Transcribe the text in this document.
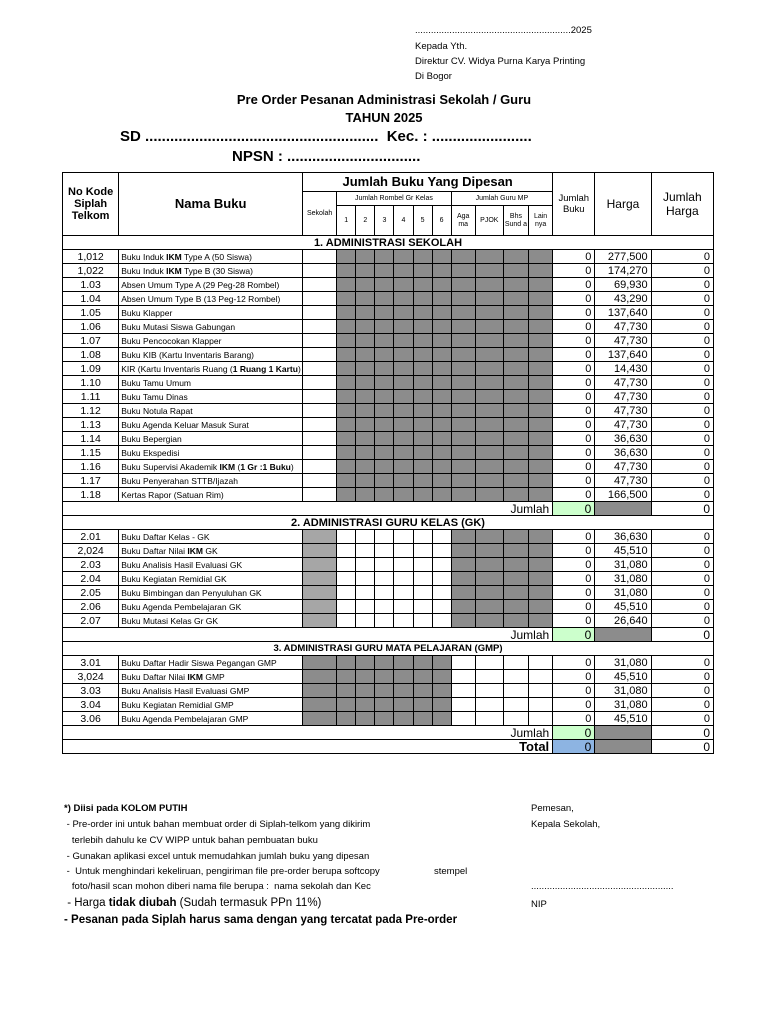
...........................................................2025
Kepada Yth.
Direktur CV. Widya Purna Karya Printing
Di Bogor
Pre Order Pesanan Administrasi Sekolah / Guru
TAHUN 2025
SD ........................................................  Kec. : ........................
NPSN : ................................
No Kode Siplah Telkom	Nama Buku	Jumlah Buku Yang Dipesan											Jumlah Buku	Harga	Jumlah Harga
		Sekolah	Jumlah Rombel Gr Kelas						Jumlah Guru MP						
			1	2	3	4	5	6	Aga ma	PJOK	Bhs Sund a	Lain nya			
1. ADMINISTRASI SEKOLAH															
1,012	Buku Induk IKM Type A (50 Siswa)												0	277,500	0
1,022	Buku Induk IKM Type B (30 Siswa)												0	174,270	0
1.03	Absen Umum Type A (29 Peg-28 Rombel)												0	69,930	0
1.04	Absen Umum Type B (13 Peg-12 Rombel)												0	43,290	0
1.05	Buku Klapper												0	137,640	0
1.06	Buku Mutasi Siswa Gabungan												0	47,730	0
1.07	Buku Pencocokan Klapper												0	47,730	0
1.08	Buku KIB (Kartu Inventaris Barang)												0	137,640	0
1.09	KIR (Kartu Inventaris Ruang (1 Ruang 1 Kartu)												0	14,430	0
1.10	Buku Tamu Umum												0	47,730	0
1.11	Buku Tamu Dinas												0	47,730	0
1.12	Buku Notula Rapat												0	47,730	0
1.13	Buku Agenda Keluar Masuk Surat												0	47,730	0
1.14	Buku Bepergian												0	36,630	0
1.15	Buku Ekspedisi												0	36,630	0
1.16	Buku Supervisi Akademik IKM (1 Gr :1 Buku)												0	47,730	0
1.17	Buku Penyerahan STTB/Ijazah												0	47,730	0
1.18	Kertas Rapor (Satuan Rim)												0	166,500	0
Jumlah													0		0
2. ADMINISTRASI GURU KELAS (GK)															
2.01	Buku Daftar Kelas - GK												0	36,630	0
2,024	Buku Daftar Nilai IKM GK												0	45,510	0
2.03	Buku Analisis Hasil Evaluasi GK												0	31,080	0
2.04	Buku Kegiatan Remidial GK												0	31,080	0
2.05	Buku Bimbingan dan Penyuluhan GK												0	31,080	0
2.06	Buku Agenda Pembelajaran GK												0	45,510	0
2.07	Buku Mutasi Kelas Gr GK												0	26,640	0
Jumlah													0		0
3. ADMINISTRASI GURU MATA PELAJARAN (GMP)															
3.01	Buku Daftar Hadir Siswa Pegangan GMP												0	31,080	0
3,024	Buku Daftar Nilai IKM GMP												0	45,510	0
3.03	Buku Analisis Hasil Evaluasi GMP												0	31,080	0
3.04	Buku Kegiatan Remidial GMP												0	31,080	0
3.06	Buku Agenda Pembelajaran GMP												0	45,510	0
Jumlah													0		0
Total													0		0
*) Diisi pada KOLOM PUTIH
- Pre-order ini untuk bahan membuat order di Siplah-telkom yang dikirim
terlebih dahulu ke CV WIPP untuk bahan pembuatan buku
- Gunakan aplikasi excel untuk memudahkan jumlah buku yang dipesan
-  Untuk menghindari kekeliruan, pengiriman file pre-order berupa softcopy	stempel
foto/hasil scan mohon diberi nama file berupa :  nama sekolah dan Kec
- Harga tidak diubah (Sudah termasuk PPn 11%)
- Pesanan pada Siplah harus sama dengan yang tercatat pada Pre-order
Pemesan,
Kepala Sekolah,
......................................................
NIP
